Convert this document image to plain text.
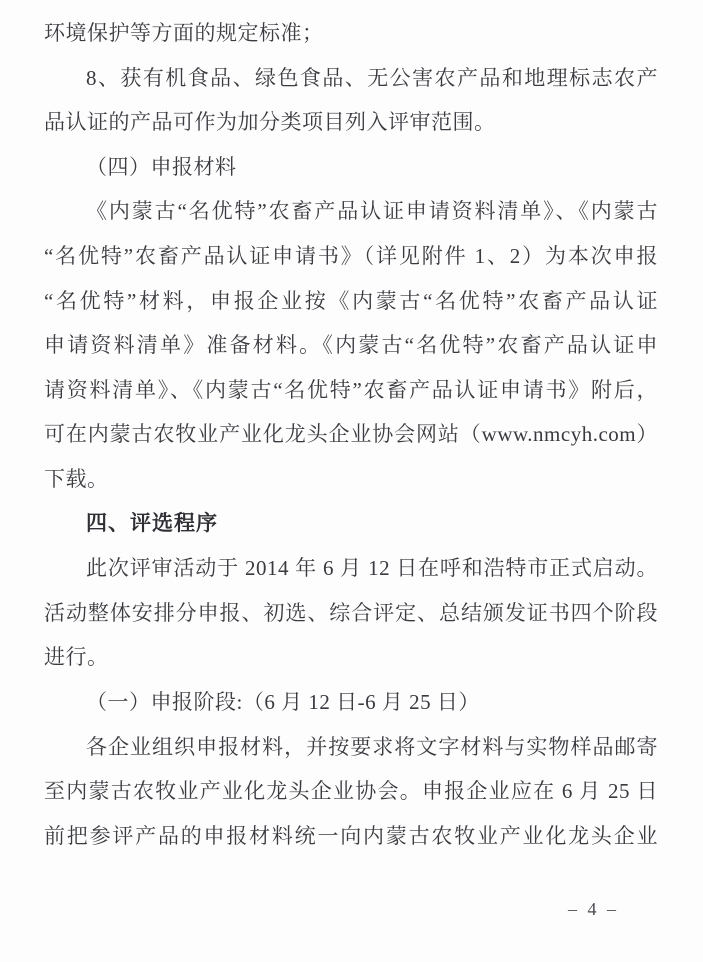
环境保护等方面的规定标准；
8、获有机食品、绿色食品、无公害农产品和地理标志农产
品认证的产品可作为加分类项目列入评审范围。
（四）申报材料
《内蒙古“名优特”农畜产品认证申请资料清单》、《内蒙古
“名优特”农畜产品认证申请书》（详见附件 1、2）为本次申报
“名优特”材料，申报企业按《内蒙古“名优特”农畜产品认证
申请资料清单》准备材料。《内蒙古“名优特”农畜产品认证申
请资料清单》、《内蒙古“名优特”农畜产品认证申请书》附后，
可在内蒙古农牧业产业化龙头企业协会网站（www.nmcyh.com）
下载。
四、评选程序
此次评审活动于 2014 年 6 月 12 日在呼和浩特市正式启动。
活动整体安排分申报、初选、综合评定、总结颁发证书四个阶段
进行。
（一）申报阶段:（6 月 12 日-6 月 25 日）
各企业组织申报材料，并按要求将文字材料与实物样品邮寄
至内蒙古农牧业产业化龙头企业协会。申报企业应在 6 月 25 日
前把参评产品的申报材料统一向内蒙古农牧业产业化龙头企业
– 4 –
